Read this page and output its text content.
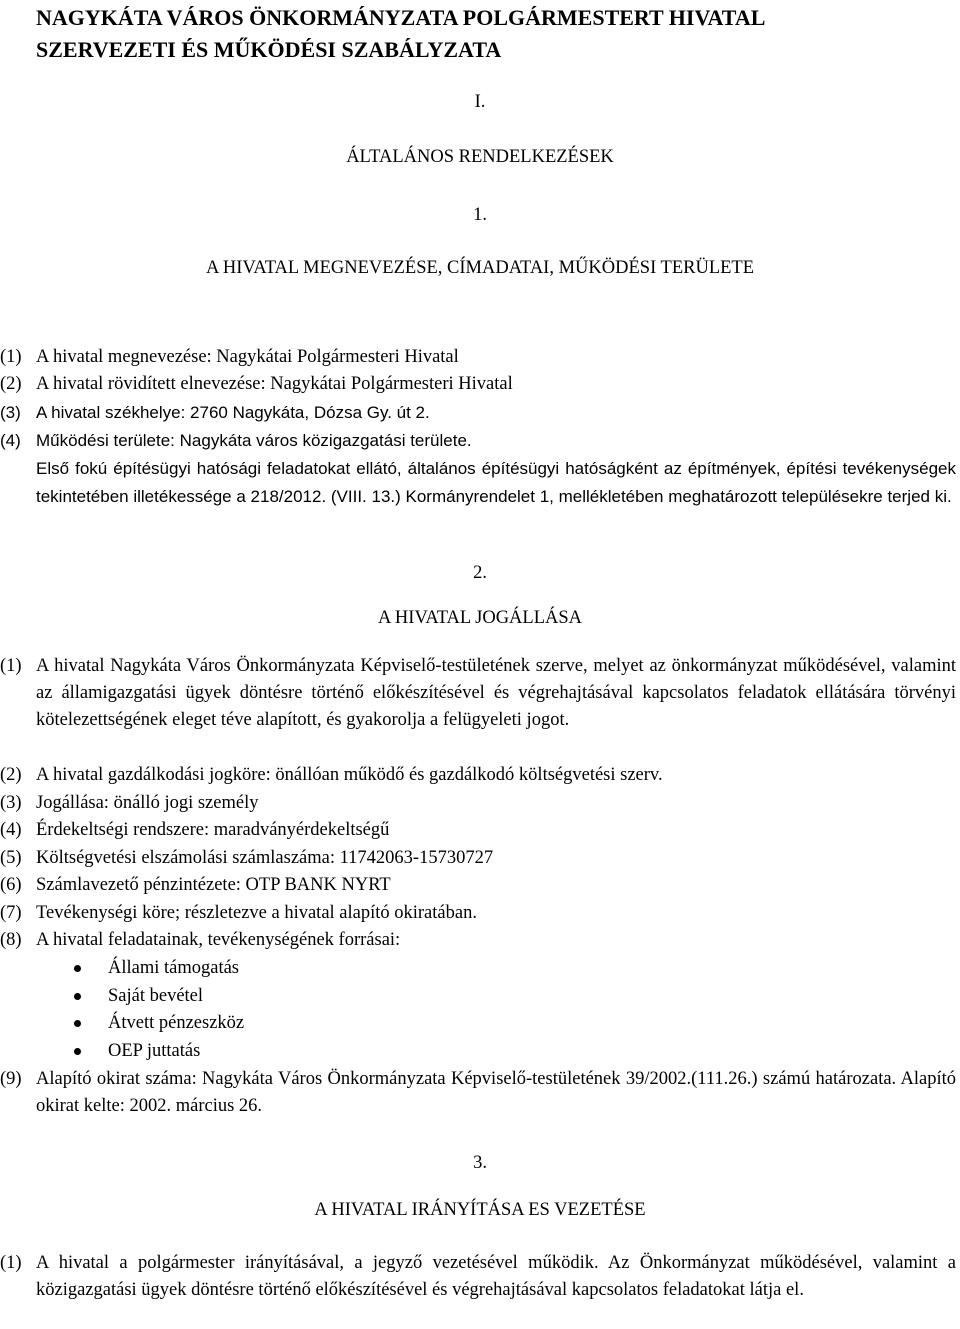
NAGYKÁTA VÁROS ÖNKORMÁNYZATA POLGÁRMESTERT HIVATAL
SZERVEZETI ÉS MŰKÖDÉSI SZABÁLYZATA
I.
ÁLTALÁNOS RENDELKEZÉSEK
1.
A HIVATAL MEGNEVEZÉSE, CÍMADATAI, MŰKÖDÉSI TERÜLETE

(1) A hivatal megnevezése: Nagykátai Polgármesteri Hivatal

(2) A hivatal rövidített elnevezése: Nagykátai Polgármesteri Hivatal

(3) A hivatal székhelye: 2760 Nagykáta, Dózsa Gy. út 2.

(4) Működési területe: Nagykáta város közigazgatási területe.

Első fokú építésügyi hatósági feladatokat ellátó, általános építésügyi hatóságként az építmények, építési tevékenységek tekintetében illetékessége a 218/2012. (VIII. 13.) Kormányrendelet 1, mellékletében meghatározott településekre terjed ki.

2.
A HIVATAL JOGÁLLÁSA

(1) A hivatal Nagykáta Város Önkormányzata Képviselő-testületének szerve, melyet az önkormányzat működésével, valamint az államigazgatási ügyek döntésre történő előkészítésével és végrehajtásával kapcsolatos feladatok ellátására törvényi kötelezettségének eleget téve alapított, és gyakorolja a felügyeleti jogot.

(2) A hivatal gazdálkodási jogköre: önállóan működő és gazdálkodó költségvetési szerv.

(3) Jogállása: önálló jogi személy

(4) Érdekeltségi rendszere: maradványérdekeltségű

(5) Költségvetési elszámolási számlaszáma: 11742063-15730727

(6) Számlavezető pénzintézete: OTP BANK NYRT

(7) Tevékenységi köre; részletezve a hivatal alapító okiratában.

(8) A hivatal feladatainak, tevékenységének forrásai:

Állami támogatás
Saját bevétel
Átvett pénzeszköz
OEP juttatás

(9) Alapító okirat száma: Nagykáta Város Önkormányzata Képviselő-testületének 39/2002.(111.26.) számú határozata. Alapító okirat kelte: 2002. március 26.

3.
A HIVATAL IRÁNYÍTÁSA ES VEZETÉSE

(1) A hivatal a polgármester irányításával, a jegyző vezetésével működik. Az Önkormányzat működésével, valamint a közigazgatási ügyek döntésre történő előkészítésével és végrehajtásával kapcsolatos feladatokat látja el.
